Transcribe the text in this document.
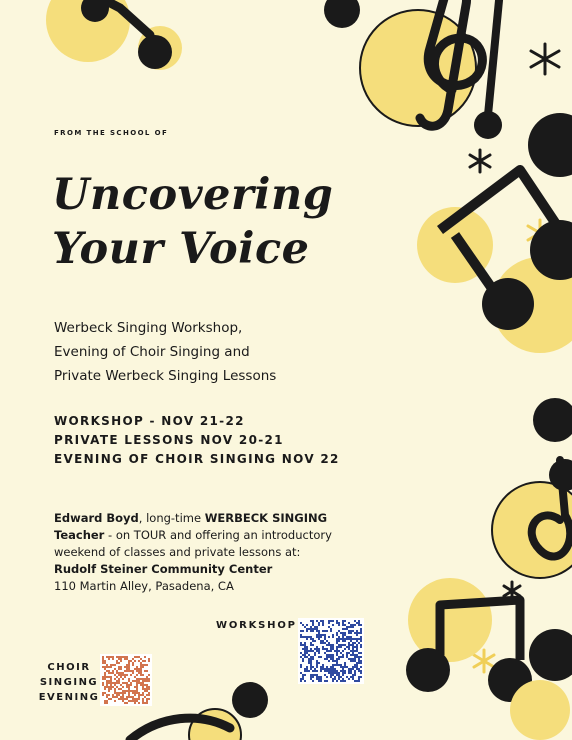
FROM THE SCHOOL OF
Uncovering
Your Voice
Werbeck Singing Workshop,
Evening of Choir Singing and
Private Werbeck Singing Lessons
WORKSHOP - NOV 21-22
PRIVATE LESSONS NOV 20-21
EVENING OF CHOIR SINGING NOV 22
Edward Boyd, long-time WERBECK SINGING Teacher - on TOUR and offering an introductory weekend of classes and private lessons at:
Rudolf Steiner Community Center
110 Martin Alley, Pasadena, CA
WORKSHOP
CHOIR
SINGING
EVENING
